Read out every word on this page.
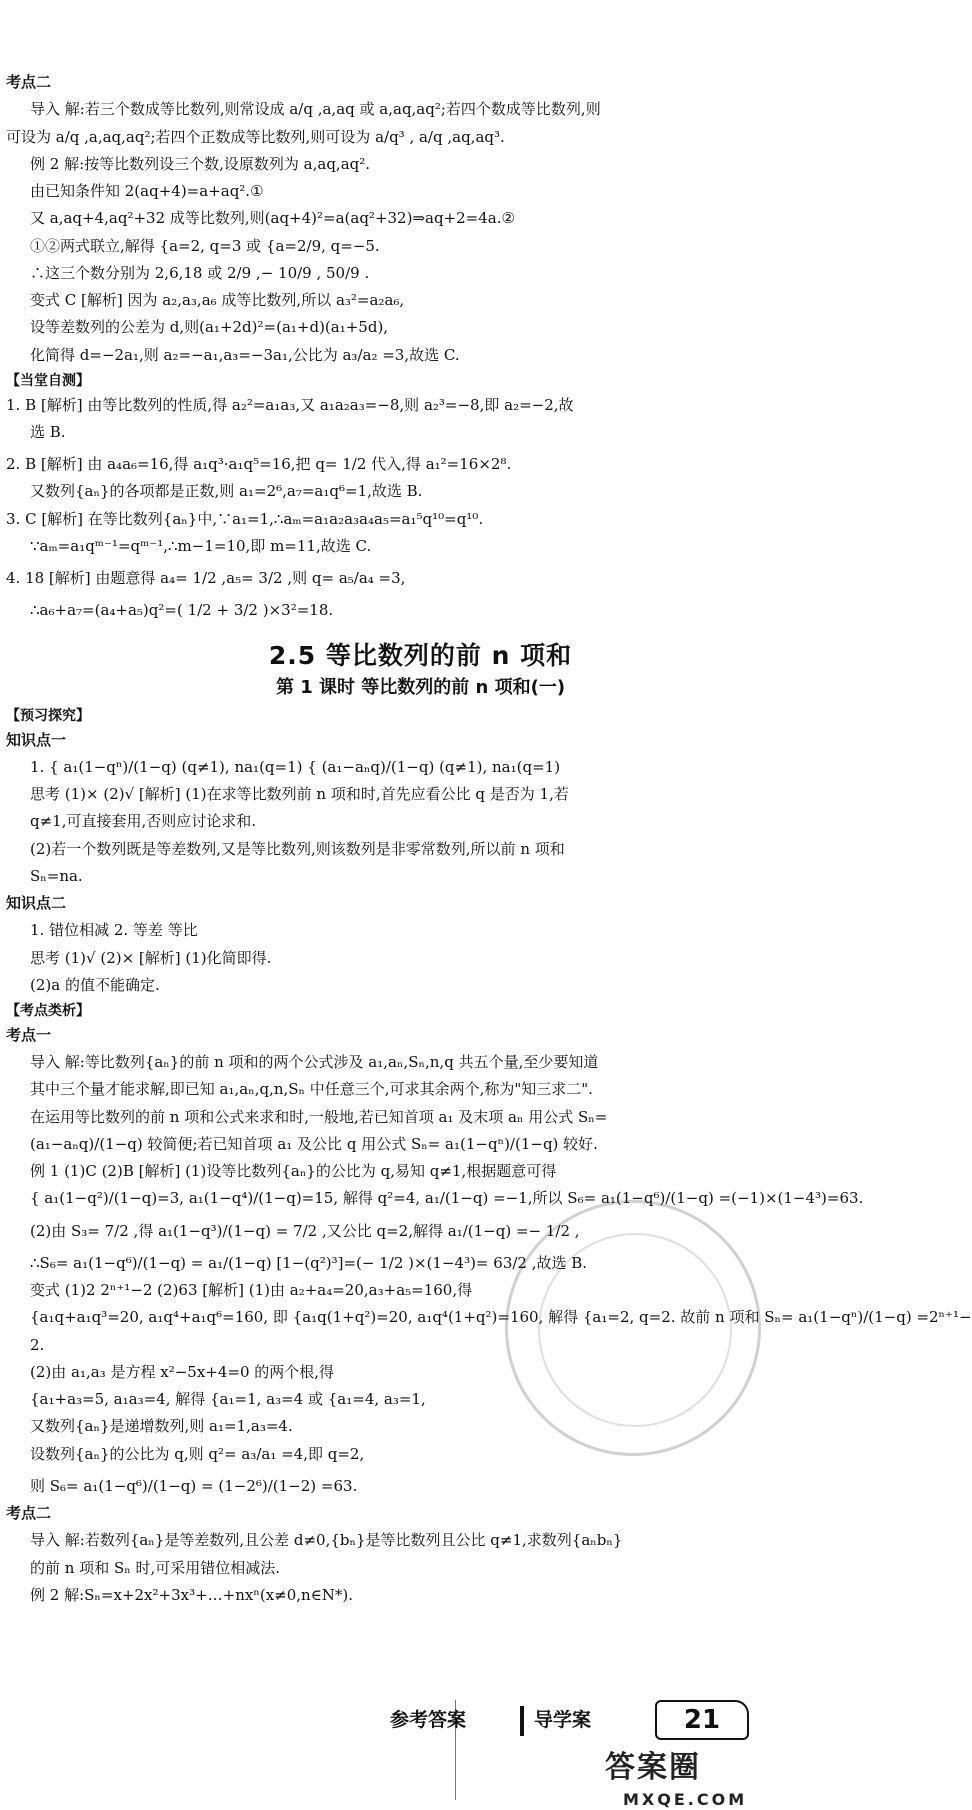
考点二
导入 解:若三个数成等比数列,则常设成 a/q ,a,aq 或 a,aq,aq²;若四个数成等比数列,则
可设为 a/q ,a,aq,aq²;若四个正数成等比数列,则可设为 a/q³ , a/q ,aq,aq³.
例 2 解:按等比数列设三个数,设原数列为 a,aq,aq².
由已知条件知 2(aq+4)=a+aq².①
又 a,aq+4,aq²+32 成等比数列,则(aq+4)²=a(aq²+32)⇒aq+2=4a.②
①②两式联立,解得 {a=2, q=3 或 {a=2/9, q=−5.
∴这三个数分别为 2,6,18 或 2/9 ,− 10/9 , 50/9 .
变式 C [解析] 因为 a₂,a₃,a₆ 成等比数列,所以 a₃²=a₂a₆,
设等差数列的公差为 d,则(a₁+2d)²=(a₁+d)(a₁+5d),
化简得 d=−2a₁,则 a₂=−a₁,a₃=−3a₁,公比为 a₃/a₂ =3,故选 C.
【当堂自测】
1. B [解析] 由等比数列的性质,得 a₂²=a₁a₃,又 a₁a₂a₃=−8,则 a₂³=−8,即 a₂=−2,故
选 B.
2. B [解析] 由 a₄a₆=16,得 a₁q³·a₁q⁵=16,把 q= 1/2 代入,得 a₁²=16×2⁸.
又数列{aₙ}的各项都是正数,则 a₁=2⁶,a₇=a₁q⁶=1,故选 B.
3. C [解析] 在等比数列{aₙ}中,∵a₁=1,∴aₘ=a₁a₂a₃a₄a₅=a₁⁵q¹⁰=q¹⁰.
∵aₘ=a₁qᵐ⁻¹=qᵐ⁻¹,∴m−1=10,即 m=11,故选 C.
4. 18 [解析] 由题意得 a₄= 1/2 ,a₅= 3/2 ,则 q= a₅/a₄ =3,
∴a₆+a₇=(a₄+a₅)q²=( 1/2 + 3/2 )×3²=18.
2.5 等比数列的前 n 项和
第 1 课时 等比数列的前 n 项和(一)
【预习探究】
知识点一
1. { a₁(1−qⁿ)/(1−q) (q≠1), na₁(q=1) { (a₁−aₙq)/(1−q) (q≠1), na₁(q=1)
思考 (1)× (2)√ [解析] (1)在求等比数列前 n 项和时,首先应看公比 q 是否为 1,若
q≠1,可直接套用,否则应讨论求和.
(2)若一个数列既是等差数列,又是等比数列,则该数列是非零常数列,所以前 n 项和
Sₙ=na.
知识点二
1. 错位相减 2. 等差 等比
思考 (1)√ (2)× [解析] (1)化简即得.
(2)a 的值不能确定.
【考点类析】
考点一
导入 解:等比数列{aₙ}的前 n 项和的两个公式涉及 a₁,aₙ,Sₙ,n,q 共五个量,至少要知道
其中三个量才能求解,即已知 a₁,aₙ,q,n,Sₙ 中任意三个,可求其余两个,称为"知三求二".
在运用等比数列的前 n 项和公式来求和时,一般地,若已知首项 a₁ 及末项 aₙ 用公式 Sₙ=
(a₁−aₙq)/(1−q) 较简便;若已知首项 a₁ 及公比 q 用公式 Sₙ= a₁(1−qⁿ)/(1−q) 较好.
例 1 (1)C (2)B [解析] (1)设等比数列{aₙ}的公比为 q,易知 q≠1,根据题意可得
{ a₁(1−q²)/(1−q)=3, a₁(1−q⁴)/(1−q)=15, 解得 q²=4, a₁/(1−q) =−1,所以 S₆= a₁(1−q⁶)/(1−q) =(−1)×(1−4³)=63.
(2)由 S₃= 7/2 ,得 a₁(1−q³)/(1−q) = 7/2 ,又公比 q=2,解得 a₁/(1−q) =− 1/2 ,
∴S₆= a₁(1−q⁶)/(1−q) = a₁/(1−q) [1−(q²)³]=(− 1/2 )×(1−4³)= 63/2 ,故选 B.
变式 (1)2 2ⁿ⁺¹−2 (2)63 [解析] (1)由 a₂+a₄=20,a₃+a₅=160,得
{a₁q+a₁q³=20, a₁q⁴+a₁q⁶=160, 即 {a₁q(1+q²)=20, a₁q⁴(1+q²)=160, 解得 {a₁=2, q=2. 故前 n 项和 Sₙ= a₁(1−qⁿ)/(1−q) =2ⁿ⁺¹−
2.
(2)由 a₁,a₃ 是方程 x²−5x+4=0 的两个根,得
{a₁+a₃=5, a₁a₃=4, 解得 {a₁=1, a₃=4 或 {a₁=4, a₃=1,
又数列{aₙ}是递增数列,则 a₁=1,a₃=4.
设数列{aₙ}的公比为 q,则 q²= a₃/a₁ =4,即 q=2,
则 S₆= a₁(1−q⁶)/(1−q) = (1−2⁶)/(1−2) =63.
考点二
导入 解:若数列{aₙ}是等差数列,且公差 d≠0,{bₙ}是等比数列且公比 q≠1,求数列{aₙbₙ}
的前 n 项和 Sₙ 时,可采用错位相减法.
例 2 解:Sₙ=x+2x²+3x³+…+nxⁿ(x≠0,n∈N*).
参考答案	导学案	21
答案圈
MXQE.COM
